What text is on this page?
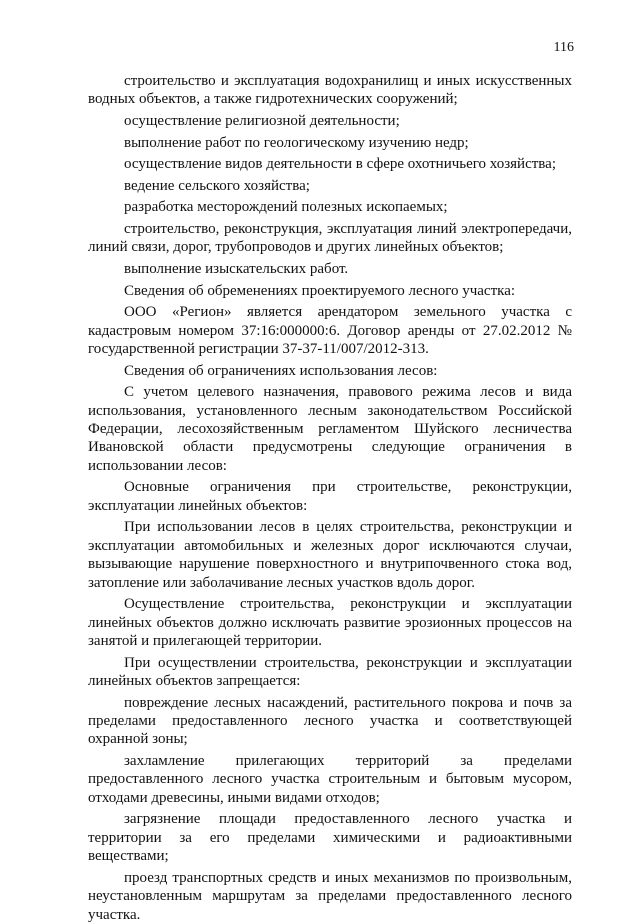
116

строительство и эксплуатация водохранилищ и иных искусственных водных объектов, а также гидротехнических сооружений;

осуществление религиозной деятельности;

выполнение работ по геологическому изучению недр;

осуществление видов деятельности в сфере охотничьего хозяйства;

ведение сельского хозяйства;

разработка месторождений полезных ископаемых;

строительство, реконструкция, эксплуатация линий электропередачи, линий связи, дорог, трубопроводов и других линейных объектов;

выполнение изыскательских работ.

Сведения об обременениях проектируемого лесного участка:

ООО «Регион» является арендатором земельного участка с кадастровым номером 37:16:000000:6. Договор аренды от 27.02.2012 № государственной регистрации 37-37-11/007/2012-313.

Сведения об ограничениях использования лесов:

С учетом целевого назначения, правового режима лесов и вида использования, установленного лесным законодательством Российской Федерации, лесохозяйственным регламентом Шуйского лесничества Ивановской области предусмотрены следующие ограничения в использовании лесов:

Основные ограничения при строительстве, реконструкции, эксплуатации линейных объектов:

При использовании лесов в целях строительства, реконструкции и эксплуатации автомобильных и железных дорог исключаются случаи, вызывающие нарушение поверхностного и внутрипочвенного стока вод, затопление или заболачивание лесных участков вдоль дорог.

Осуществление строительства, реконструкции и эксплуатации линейных объектов должно исключать развитие эрозионных процессов на занятой и прилегающей территории.

При осуществлении строительства, реконструкции и эксплуатации линейных объектов запрещается:

повреждение лесных насаждений, растительного покрова и почв за пределами предоставленного лесного участка и соответствующей охранной зоны;

захламление прилегающих территорий за пределами предоставленного лесного участка строительным и бытовым мусором, отходами древесины, иными видами отходов;

загрязнение площади предоставленного лесного участка и территории за его пределами химическими и радиоактивными веществами;

проезд транспортных средств и иных механизмов по произвольным, неустановленным маршрутам за пределами предоставленного лесного участка.
